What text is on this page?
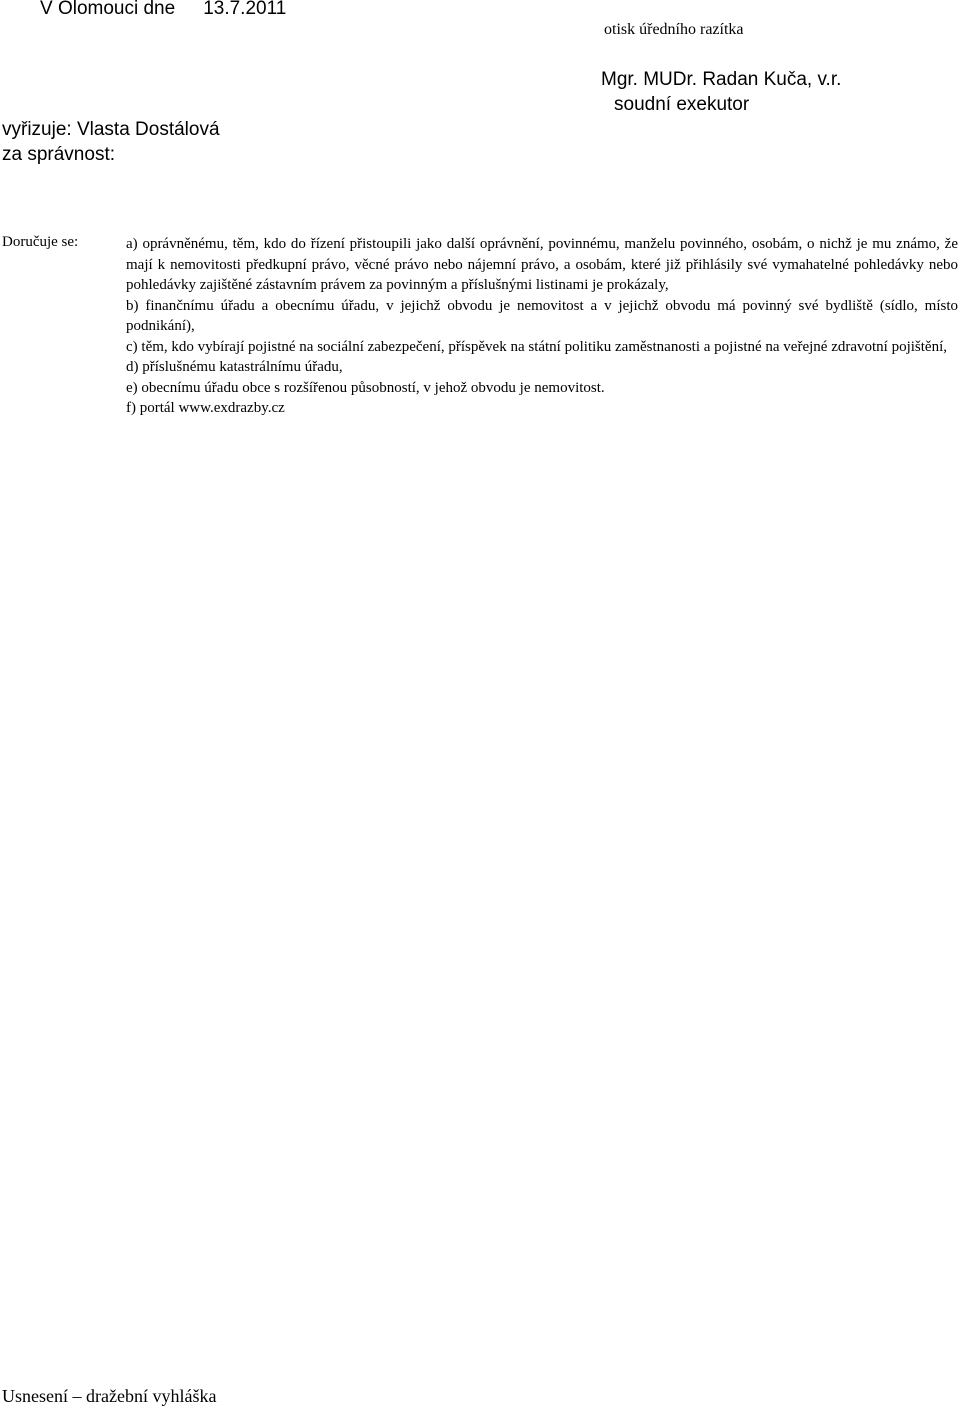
V Olomouci dne 13.7.2011
otisk úředního razítka
Mgr. MUDr. Radan Kuča, v.r.
soudní exekutor
vyřizuje: Vlasta Dostálová
za správnost:
Doručuje se:	a) oprávněnému, těm, kdo do řízení přistoupili jako další oprávnění, povinnému, manželu povinného, osobám, o nichž je mu známo, že mají k nemovitosti předkupní právo, věcné právo nebo nájemní právo, a osobám, které již přihlásily své vymahatelné pohledávky nebo pohledávky zajištěné zástavním právem za povinným a příslušnými listinami je prokázaly,

b) finančnímu úřadu a obecnímu úřadu, v jejichž obvodu je nemovitost a v jejichž obvodu má povinný své bydliště (sídlo, místo podnikání),

c) těm, kdo vybírají pojistné na sociální zabezpečení, příspěvek na státní politiku zaměstnanosti a pojistné na veřejné zdravotní pojištění,

d) příslušnému katastrálnímu úřadu,

e) obecnímu úřadu obce s rozšířenou působností, v jehož obvodu je nemovitost.

f) portál www.exdrazby.cz

Usnesení – dražební vyhláška
